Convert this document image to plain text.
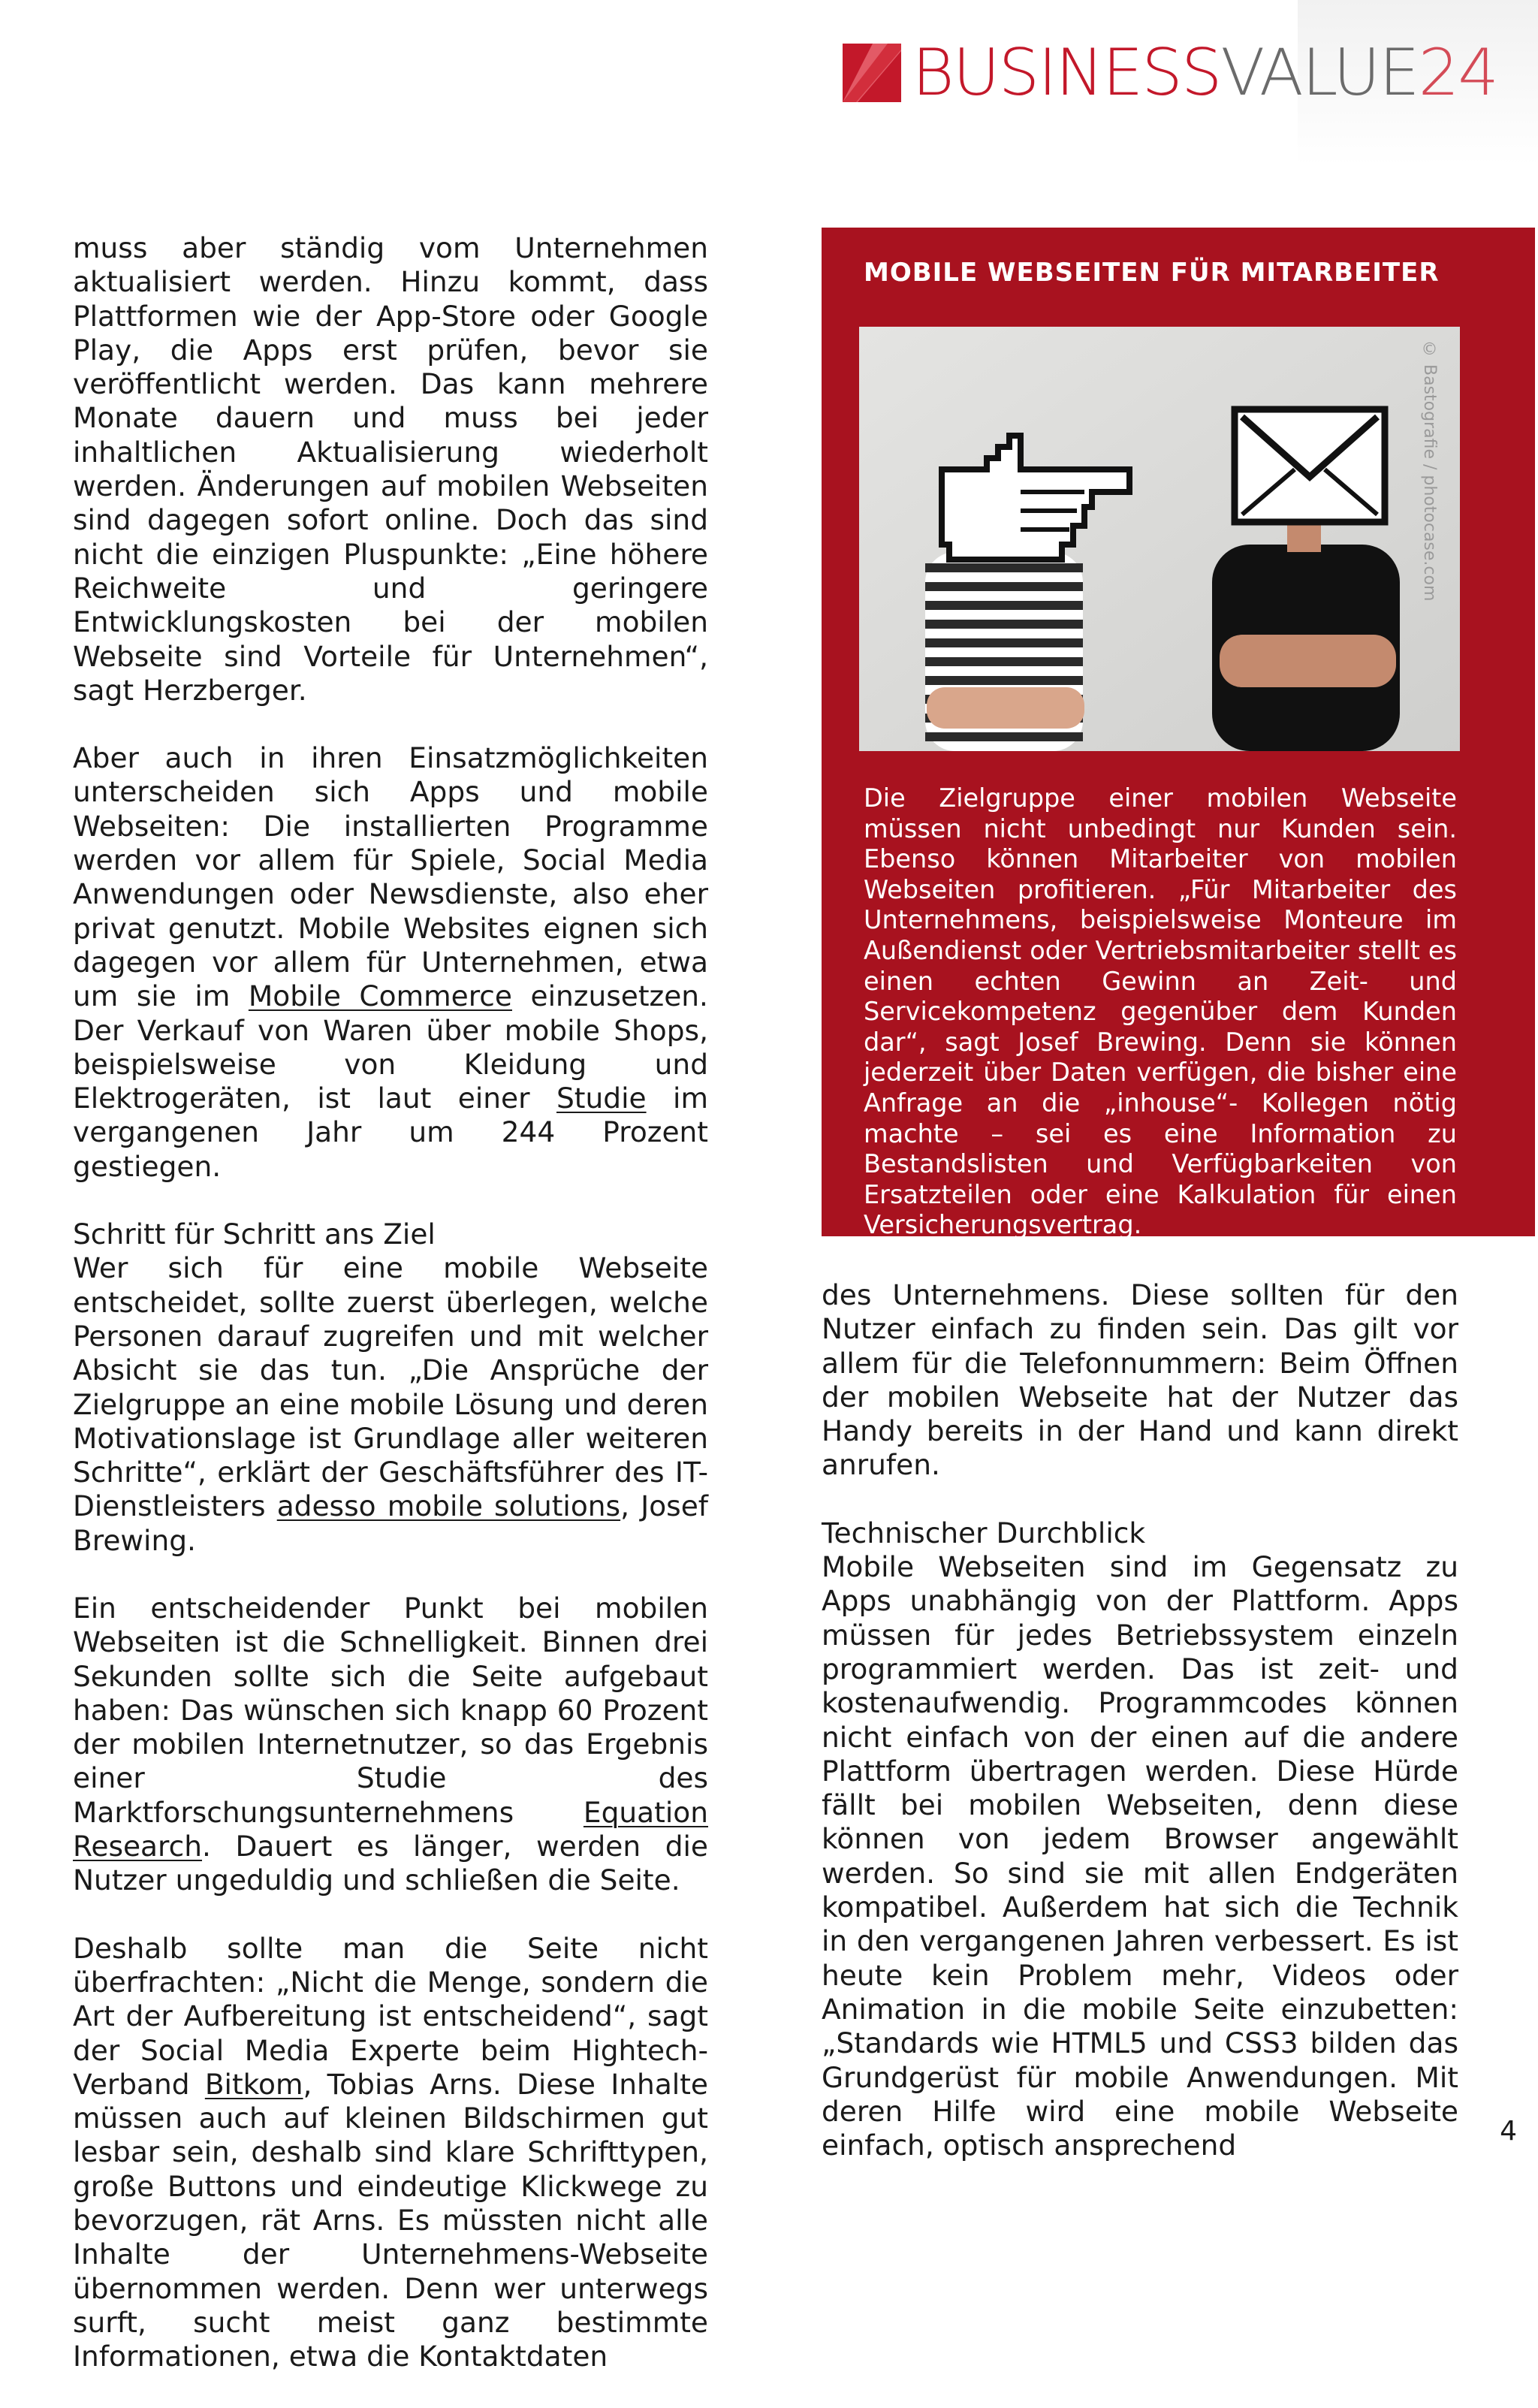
BUSINESSVALUE24

muss aber ständig vom Unternehmen aktualisiert werden. Hinzu kommt, dass Plattformen wie der App-Store oder Google Play, die Apps erst prüfen, bevor sie veröffentlicht werden. Das kann mehrere Monate dauern und muss bei jeder inhaltlichen Aktualisierung wiederholt werden. Änderungen auf mobilen Webseiten sind dagegen sofort online. Doch das sind nicht die einzigen Pluspunkte: „Eine höhere Reichweite und geringere Entwicklungskosten bei der mobilen Webseite sind Vorteile für Unternehmen“, sagt Herzberger.

Aber auch in ihren Einsatzmöglichkeiten unterscheiden sich Apps und mobile Webseiten: Die installierten Programme werden vor allem für Spiele, Social Media Anwendungen oder Newsdienste, also eher privat genutzt. Mobile Websites eignen sich dagegen vor allem für Unternehmen, etwa um sie im Mobile Commerce einzusetzen. Der Verkauf von Waren über mobile Shops, beispielsweise von Kleidung und Elektrogeräten, ist laut einer Studie im vergangenen Jahr um 244 Prozent gestiegen.

Schritt für Schritt ans Ziel

Wer sich für eine mobile Webseite entscheidet, sollte zuerst überlegen, welche Personen darauf zugreifen und mit welcher Absicht sie das tun. „Die Ansprüche der Zielgruppe an eine mobile Lösung und deren Motivationslage ist Grundlage aller weiteren Schritte“, erklärt der Geschäftsführer des IT-Dienstleisters adesso mobile solutions, Josef Brewing.

Ein entscheidender Punkt bei mobilen Webseiten ist die Schnelligkeit. Binnen drei Sekunden sollte sich die Seite aufgebaut haben: Das wünschen sich knapp 60 Prozent der mobilen Internetnutzer, so das Ergebnis einer Studie des Marktforschungsunternehmens Equation Research. Dauert es länger, werden die Nutzer ungeduldig und schließen die Seite.

Deshalb sollte man die Seite nicht überfrachten: „Nicht die Menge, sondern die Art der Aufbereitung ist entscheidend“, sagt der Social Media Experte beim Hightech-Verband Bitkom, Tobias Arns. Diese Inhalte müssen auch auf kleinen Bildschirmen gut lesbar sein, deshalb sind klare Schrifttypen, große Buttons und eindeutige Klickwege zu bevorzugen, rät Arns. Es müssten nicht alle Inhalte der Unternehmens-Webseite übernommen werden. Denn wer unterwegs surft, sucht meist ganz bestimmte Informationen, etwa die Kontaktdaten

MOBILE WEBSEITEN FÜR MITARBEITER
© Bastografie / photocase.com
Die Zielgruppe einer mobilen Webseite müssen nicht unbedingt nur Kunden sein. Ebenso können Mitarbeiter von mobilen Webseiten profitieren. „Für Mitarbeiter des Unternehmens, beispielsweise Monteure im Außendienst oder Vertriebsmitarbeiter stellt es einen echten Gewinn an Zeit- und Servicekompetenz gegenüber dem Kunden dar“, sagt Josef Brewing. Denn sie können jederzeit über Daten verfügen, die bisher eine Anfrage an die „inhouse“- Kollegen nötig machte – sei es eine Information zu Bestandslisten und Verfügbarkeiten von Ersatzteilen oder eine Kalkulation für einen Versicherungsvertrag.

des Unternehmens. Diese sollten für den Nutzer einfach zu finden sein. Das gilt vor allem für die Telefonnummern: Beim Öffnen der mobilen Webseite hat der Nutzer das Handy bereits in der Hand und kann direkt anrufen.

Technischer Durchblick

Mobile Webseiten sind im Gegensatz zu Apps unabhängig von der Plattform. Apps müssen für jedes Betriebssystem einzeln programmiert werden. Das ist zeit- und kostenaufwendig. Programmcodes können nicht einfach von der einen auf die andere Plattform übertragen werden. Diese Hürde fällt bei mobilen Webseiten, denn diese können von jedem Browser angewählt werden. So sind sie mit allen Endgeräten kompatibel. Außerdem hat sich die Technik in den vergangenen Jahren verbessert. Es ist heute kein Problem mehr, Videos oder Animation in die mobile Seite einzubetten: „Standards wie HTML5 und CSS3 bilden das Grundgerüst für mobile Anwendungen. Mit deren Hilfe wird eine mobile Webseite einfach, optisch ansprechend	4
